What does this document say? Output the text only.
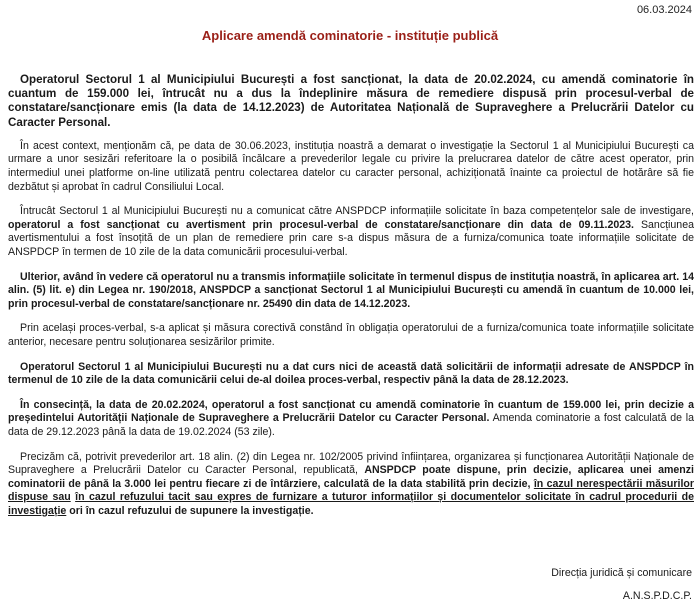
06.03.2024
Aplicare amendă cominatorie - instituție publică

Operatorul Sectorul 1 al Municipiului București a fost sancționat, la data de 20.02.2024, cu amendă cominatorie în cuantum de 159.000 lei, întrucât nu a dus la îndeplinire măsura de remediere dispusă prin procesul-verbal de constatare/sancționare emis (la data de 14.12.2023) de Autoritatea Națională de Supraveghere a Prelucrării Datelor cu Caracter Personal.

În acest context, menționăm că, pe data de 30.06.2023, instituția noastră a demarat o investigație la Sectorul 1 al Municipiului București ca urmare a unor sesizări referitoare la o posibilă încălcare a prevederilor legale cu privire la prelucrarea datelor de către acest operator, prin intermediul unei platforme on-line utilizată pentru colectarea datelor cu caracter personal, achiziționată înainte ca proiectul de hotărâre să fie dezbătut și aprobat în cadrul Consiliului Local.

Întrucât Sectorul 1 al Municipiului București nu a comunicat către ANSPDCP informațiile solicitate în baza competențelor sale de investigare, operatorul a fost sancționat cu avertisment prin procesul-verbal de constatare/sancționare din data de 09.11.2023. Sancțiunea avertismentului a fost însoțită de un plan de remediere prin care s-a dispus măsura de a furniza/comunica toate informațiile solicitate de ANSPDCP în termen de 10 zile de la data comunicării procesului-verbal.

Ulterior, având în vedere că operatorul nu a transmis informațiile solicitate în termenul dispus de instituția noastră, în aplicarea art. 14 alin. (5) lit. e) din Legea nr. 190/2018, ANSPDCP a sancționat Sectorul 1 al Municipiului București cu amendă în cuantum de 10.000 lei, prin procesul-verbal de constatare/sancționare nr. 25490 din data de 14.12.2023.

Prin același proces-verbal, s-a aplicat și măsura corectivă constând în obligația operatorului de a furniza/comunica toate informațiile solicitate anterior, necesare pentru soluționarea sesizărilor primite.

Operatorul Sectorul 1 al Municipiului București nu a dat curs nici de această dată solicitării de informații adresate de ANSPDCP în termenul de 10 zile de la data comunicării celui de-al doilea proces-verbal, respectiv până la data de 28.12.2023.

În consecință, la data de 20.02.2024, operatorul a fost sancționat cu amendă cominatorie în cuantum de 159.000 lei, prin decizie a președintelui Autorității Naționale de Supraveghere a Prelucrării Datelor cu Caracter Personal. Amenda cominatorie a fost calculată de la data de 29.12.2023 până la data de 19.02.2024 (53 zile).

Precizăm că, potrivit prevederilor art. 18 alin. (2) din Legea nr. 102/2005 privind înființarea, organizarea și funcționarea Autorității Naționale de Supraveghere a Prelucrării Datelor cu Caracter Personal, republicată, ANSPDCP poate dispune, prin decizie, aplicarea unei amenzi cominatorii de până la 3.000 lei pentru fiecare zi de întârziere, calculată de la data stabilită prin decizie, în cazul nerespectării măsurilor dispuse sau în cazul refuzului tacit sau expres de furnizare a tuturor informațiilor și documentelor solicitate în cadrul procedurii de investigație ori în cazul refuzului de supunere la investigație.

Direcția juridică și comunicare
A.N.S.P.D.C.P.
